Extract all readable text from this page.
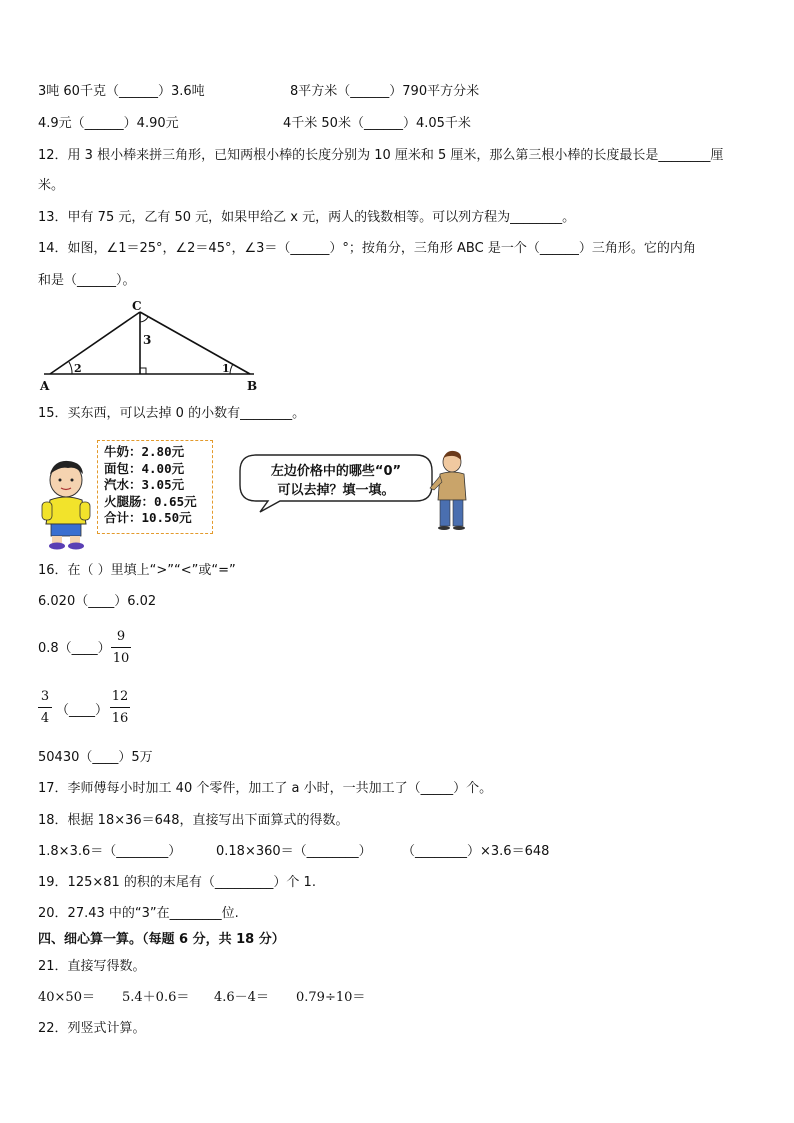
3吨 60千克（______）3.6吨	8平方米（______）790平方分米
4.9元（______）4.90元	4千米 50米（______）4.05千米
12．用 3 根小棒来拼三角形，已知两根小棒的长度分别为 10 厘米和 5 厘米，那么第三根小棒的长度最长是________厘
米。
13．甲有 75 元，乙有 50 元，如果甲给乙 x 元，两人的钱数相等。可以列方程为________。
14．如图，∠1＝25°，∠2＝45°，∠3＝（______）°；按角分，三角形 ABC 是一个（______）三角形。它的内角
和是（______）。
C
A	B
3
2	1
15．买东西，可以去掉 0 的小数有________。
牛奶：2.80元
面包：4.00元
汽水：3.05元
火腿肠：0.65元
合计：10.50元
左边价格中的哪些“0”
可以去掉？填一填。
16．在（ ）里填上“>”“<”或“=”
6.020（____）6.02
0.8（____）
9
10
3
4
（____）
12
16
50430（____）5万
17．李师傅每小时加工 40 个零件，加工了 a 小时，一共加工了（_____）个。
18．根据 18×36＝648，直接写出下面算式的得数。
1.8×3.6＝（________）	0.18×360＝（________） （________）×3.6＝648
19．125×81 的积的末尾有（_________）个 1.
20．27.43 中的“3”在________位.
四、细心算一算。（每题 6 分，共 18 分）
21．直接写得数。
40×50＝ 5.4＋0.6＝ 4.6－4＝ 0.79÷10＝
22．列竖式计算。
